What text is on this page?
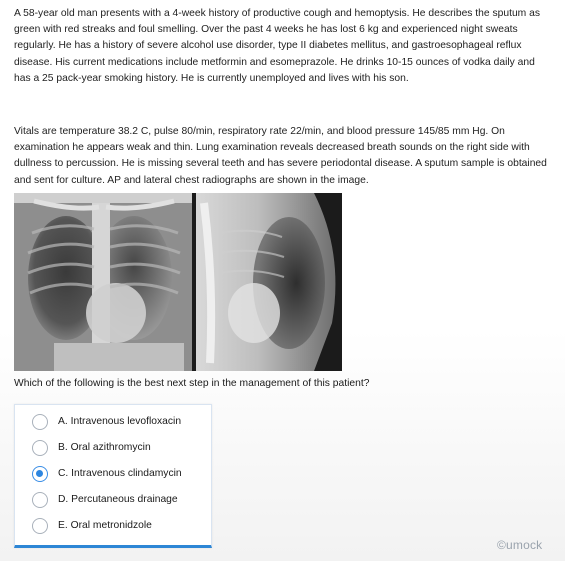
A 58-year old man presents with a 4-week history of productive cough and hemoptysis. He describes the sputum as green with red streaks and foul smelling. Over the past 4 weeks he has lost 6 kg and experienced night sweats regularly. He has a history of severe alcohol use disorder, type II diabetes mellitus, and gastroesophageal reflux disease. His current medications include metformin and esomeprazole. He drinks 10-15 ounces of vodka daily and has a 25 pack-year smoking history. He is currently unemployed and lives with his son.

Vitals are temperature 38.2 C, pulse 80/min, respiratory rate 22/min, and blood pressure 145/85 mm Hg. On examination he appears weak and thin. Lung examination reveals decreased breath sounds on the right side with dullness to percussion. He is missing several teeth and has severe periodontal disease. A sputum sample is obtained and sent for culture. AP and lateral chest radiographs are shown in the image.

Which of the following is the best next step in the management of this patient?

A. Intravenous levofloxacin
B. Oral azithromycin
C. Intravenous clindamycin
D. Percutaneous drainage
E. Oral metronidzole
©umock
